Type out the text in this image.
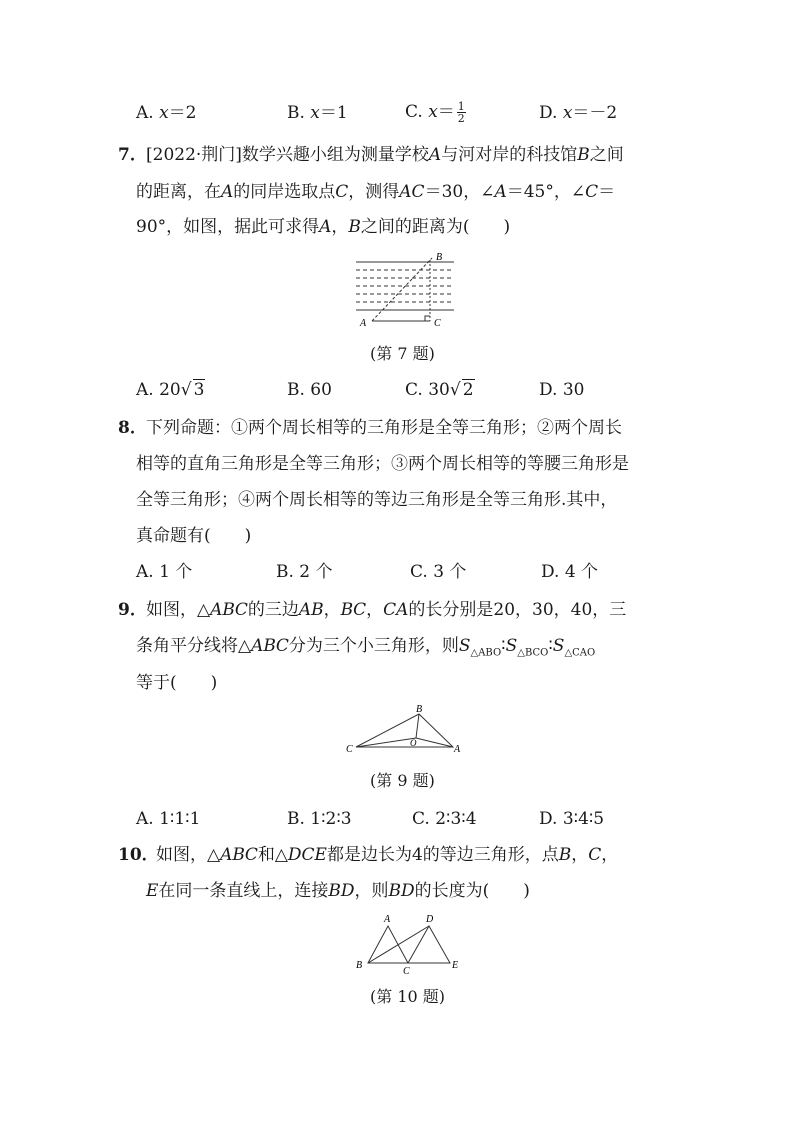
A. 𝑥＝2	B. 𝑥＝1	C. 𝑥＝ $\frac{1}{2}$	D. 𝑥＝－2
7． [2022·荆门]数学兴趣小组为测量学校𝐴与河对岸的科技馆𝐵之间
的距离，在𝐴的同岸选取点𝐶，测得𝐴𝐶＝30，∠𝐴＝45°，∠𝐶＝
90°，如图，据此可求得𝐴，𝐵之间的距离为(　　)
B
A	C
(第 7 题)
A. 20√ 3	B. 60	C. 30√ 2	D. 30
8． 下列命题：①两个周长相等的三角形是全等三角形；②两个周长
相等的直角三角形是全等三角形；③两个周长相等的等腰三角形是
全等三角形；④两个周长相等的等边三角形是全等三角形.其中，
真命题有(　　)
A. 1 个	B. 2 个	C. 3 个	D. 4 个
9． 如图，△𝐴𝐵𝐶的三边𝐴𝐵，𝐵𝐶，𝐶𝐴的长分别是20，30，40，三
条角平分线将△𝐴𝐵𝐶分为三个小三角形，则𝑆$_{\triangle ABO}$∶𝑆$_{\triangle BCO}$∶𝑆$_{\triangle CAO}$
等于(　　)
B
C	A
O
(第 9 题)
A. 1∶1∶1	B. 1∶2∶3	C. 2∶3∶4	D. 3∶4∶5
10．
如图，△𝐴𝐵𝐶和△𝐷𝐶𝐸都是边长为4的等边三角形，点𝐵，𝐶，
𝐸在同一条直线上，连接𝐵𝐷，则𝐵𝐷的长度为(　　)
A	D
B
C
E
(第 10 题)
